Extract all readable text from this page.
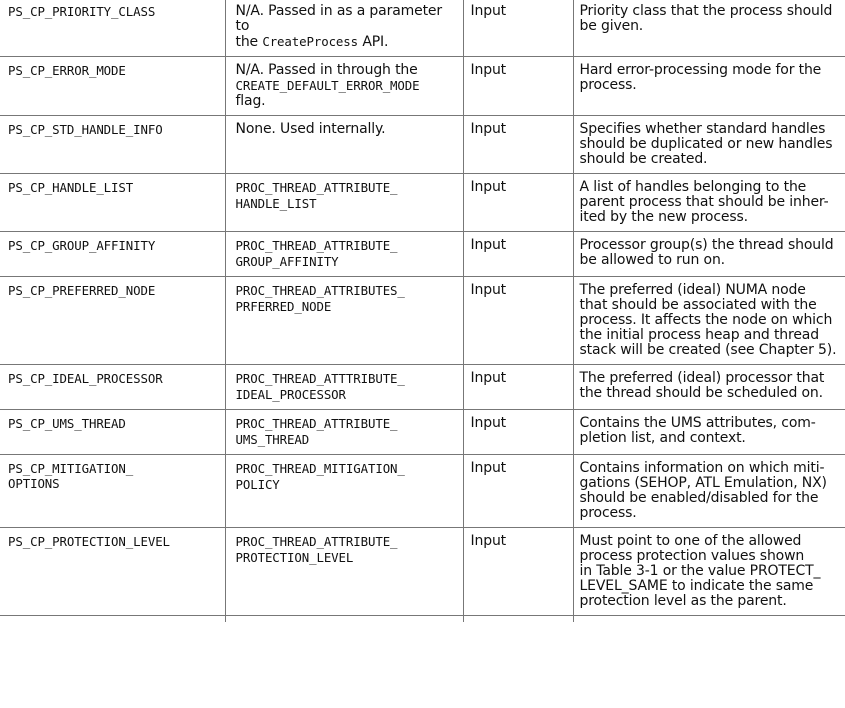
PS_CP_PRIORITY_CLASS	N/A. Passed in as a parameter to
the CreateProcess API.	Input	Priority class that the process should
be given.

PS_CP_ERROR_MODE	N/A. Passed in through the
CREATE_DEFAULT_ERROR_MODE
flag.	Input	Hard error-processing mode for the
process.

PS_CP_STD_HANDLE_INFO	None. Used internally.	Input	Specifies whether standard handles
should be duplicated or new handles
should be created.

PS_CP_HANDLE_LIST	PROC_THREAD_ATTRIBUTE_
HANDLE_LIST	Input	A list of handles belonging to the
parent process that should be inher-
ited by the new process.

PS_CP_GROUP_AFFINITY	PROC_THREAD_ATTRIBUTE_
GROUP_AFFINITY	Input	Processor group(s) the thread should
be allowed to run on.

PS_CP_PREFERRED_NODE	PROC_THREAD_ATTRIBUTES_
PRFERRED_NODE	Input	The preferred (ideal) NUMA node
that should be associated with the
process. It affects the node on which
the initial process heap and thread
stack will be created (see Chapter 5).

PS_CP_IDEAL_PROCESSOR	PROC_THREAD_ATTTRIBUTE_
IDEAL_PROCESSOR	Input	The preferred (ideal) processor that
the thread should be scheduled on.

PS_CP_UMS_THREAD	PROC_THREAD_ATTRIBUTE_
UMS_THREAD	Input	Contains the UMS attributes, com-
pletion list, and context.

PS_CP_MITIGATION_
OPTIONS	PROC_THREAD_MITIGATION_
POLICY	Input	Contains information on which miti-
gations (SEHOP, ATL Emulation, NX)
should be enabled/disabled for the
process.

PS_CP_PROTECTION_LEVEL	PROC_THREAD_ATTRIBUTE_
PROTECTION_LEVEL	Input	Must point to one of the allowed
process protection values shown
in Table 3-1 or the value PROTECT_
LEVEL_SAME to indicate the same
protection level as the parent.
